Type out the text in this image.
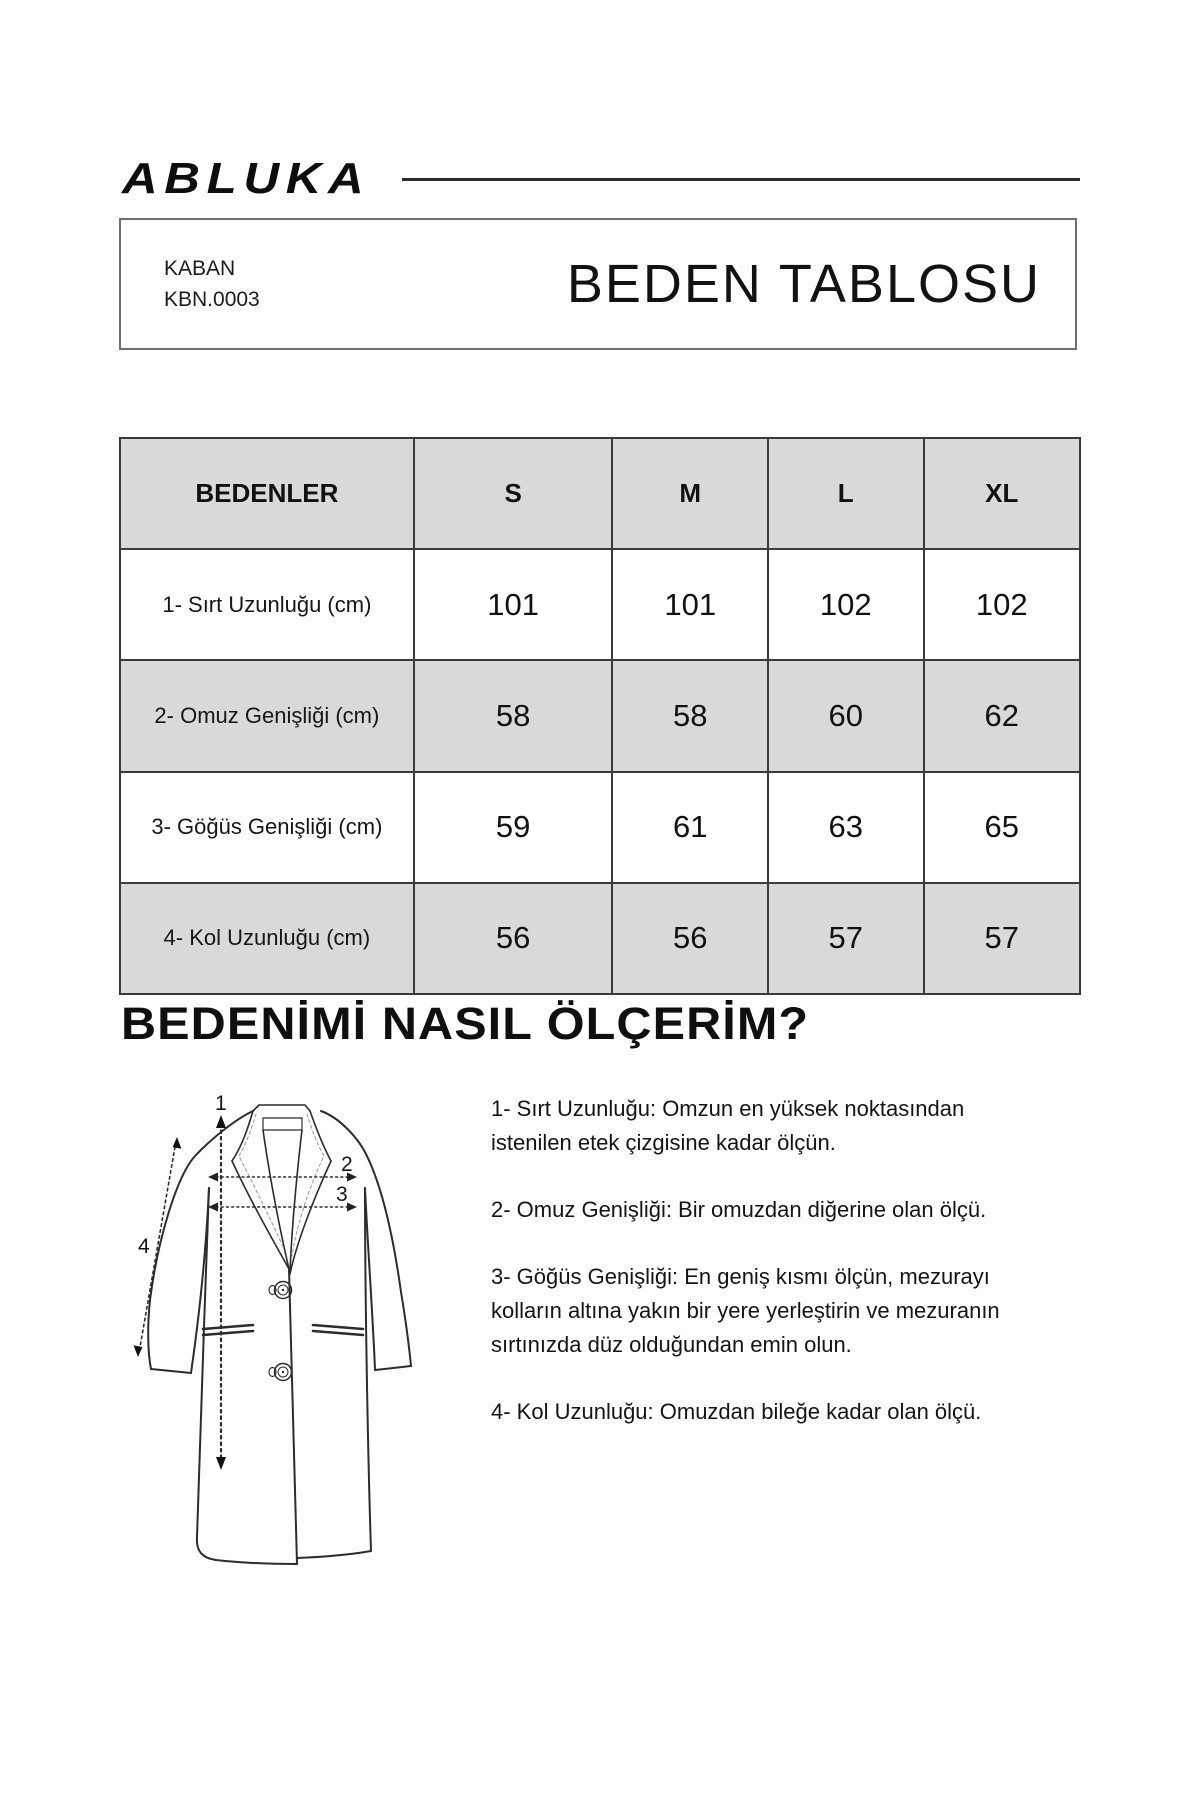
ABLUKA
KABAN
KBN.0003	BEDEN TABLOSU
BEDENLER	S	M	L	XL
1- Sırt Uzunluğu (cm)	101	101	102	102
2- Omuz Genişliği (cm)	58	58	60	62
3- Göğüs Genişliği (cm)	59	61	63	65
4- Kol Uzunluğu (cm)	56	56	57	57
BEDENİMİ NASIL ÖLÇERİM?
1
2
3
4
1- Sırt Uzunluğu: Omzun en yüksek noktasından
istenilen etek çizgisine kadar ölçün.
2- Omuz Genişliği: Bir omuzdan diğerine olan ölçü.
3- Göğüs Genişliği: En geniş kısmı ölçün, mezurayı
kolların altına yakın bir yere yerleştirin ve mezuranın
sırtınızda düz olduğundan emin olun.
4- Kol Uzunluğu: Omuzdan bileğe kadar olan ölçü.
